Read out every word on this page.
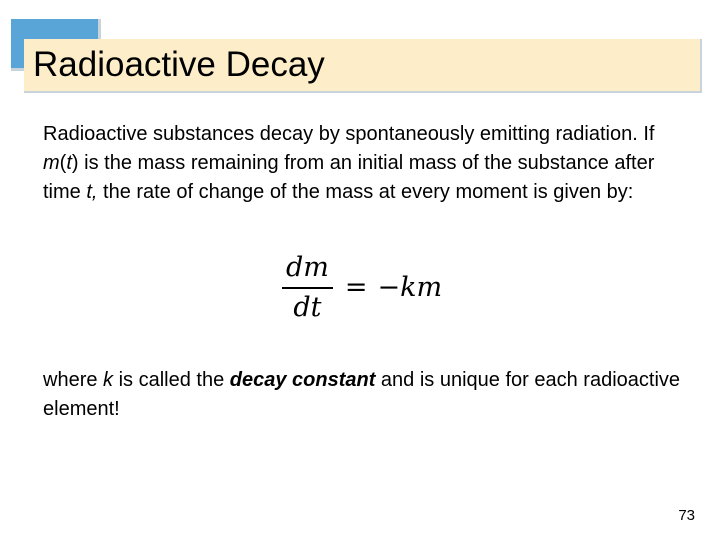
Radioactive Decay
Radioactive substances decay by spontaneously emitting radiation. If m(t) is the mass remaining from an initial mass of the substance after time t, the rate of change of the mass at every moment is given by:
$\frac{dm}{dt} = -km$
where k is called the decay constant and is unique for each radioactive element!
73
